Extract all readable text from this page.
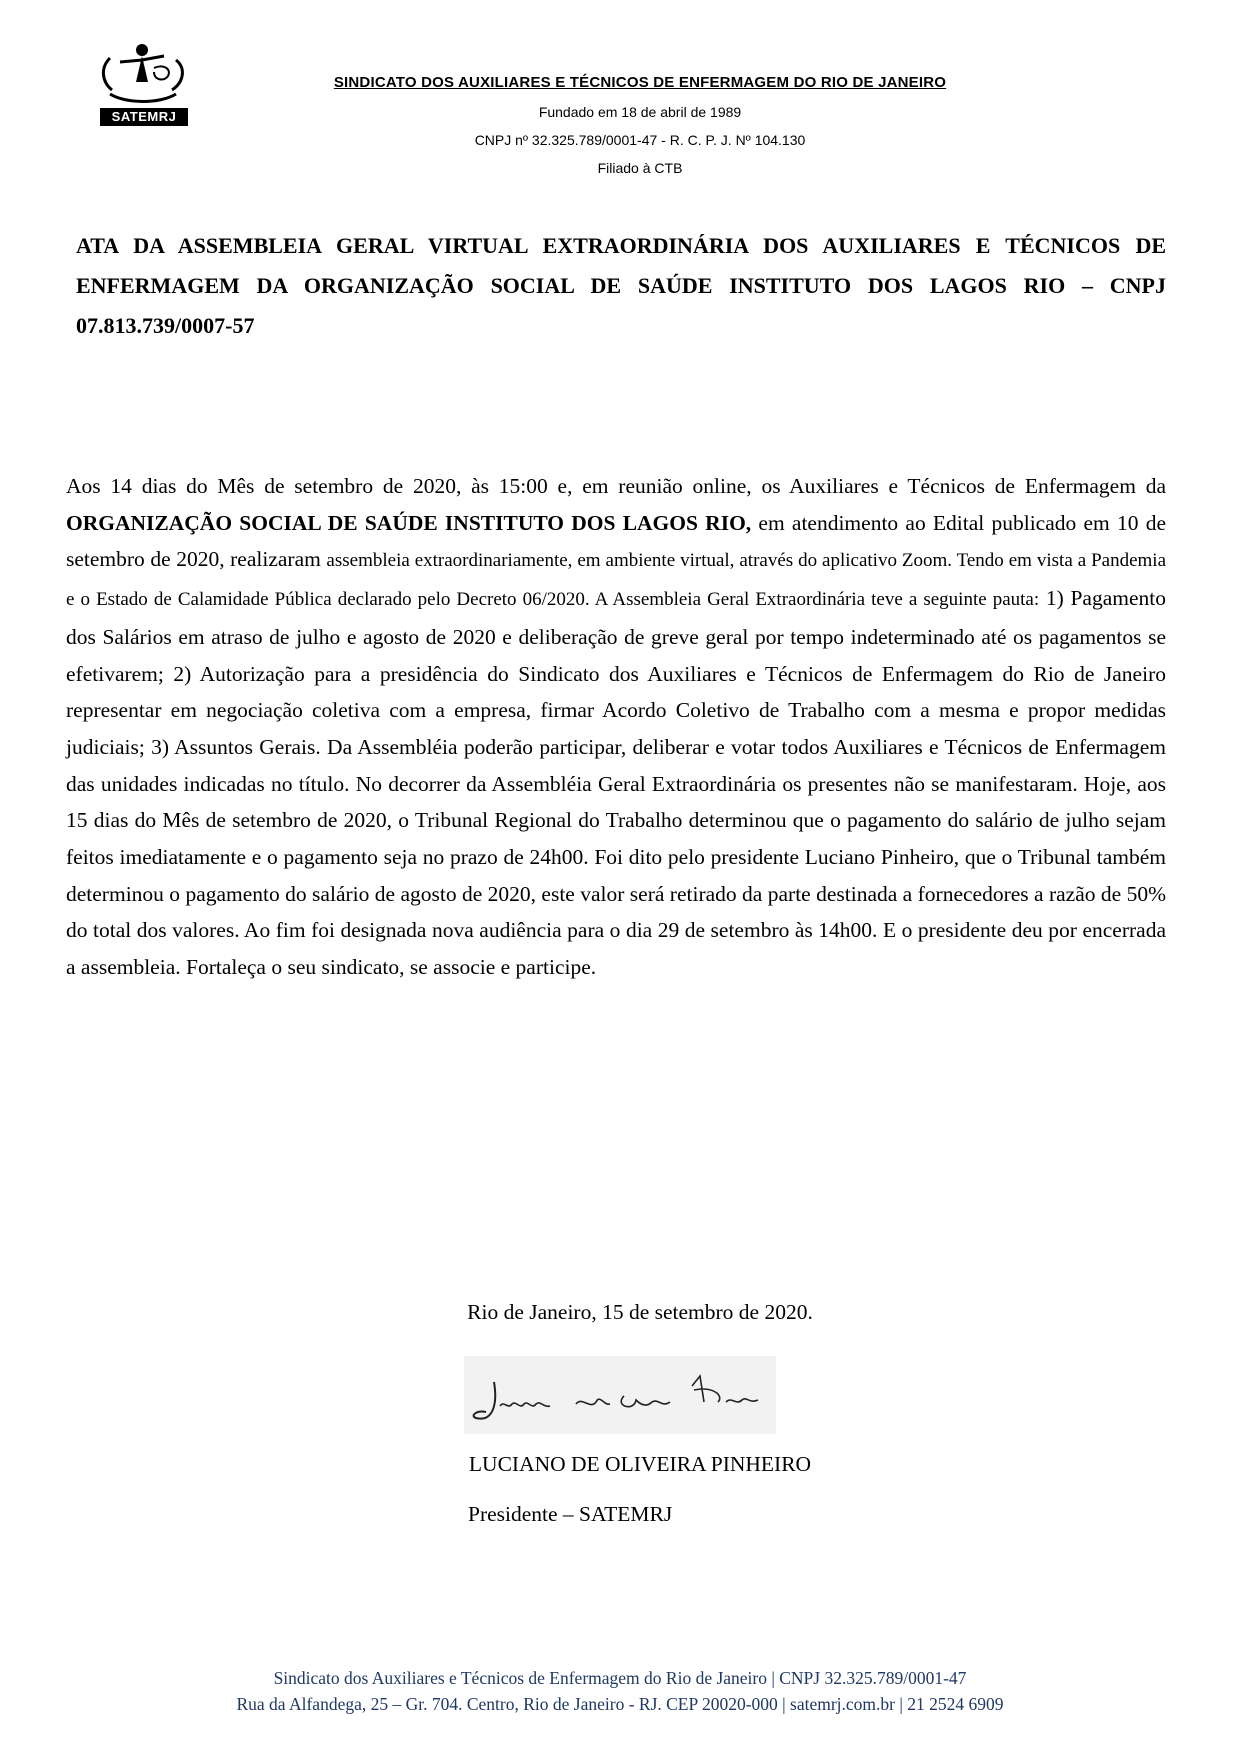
SATEMRJ
SINDICATO DOS AUXILIARES E TÉCNICOS DE ENFERMAGEM DO RIO DE JANEIRO
Fundado em 18 de abril de 1989
CNPJ nº 32.325.789/0001-47 - R. C. P. J. Nº 104.130
Filiado à CTB

ATA DA ASSEMBLEIA GERAL VIRTUAL EXTRAORDINÁRIA DOS AUXILIARES E TÉCNICOS DE ENFERMAGEM DA ORGANIZAÇÃO SOCIAL DE SAÚDE INSTITUTO DOS LAGOS RIO – CNPJ 07.813.739/0007-57

Aos 14 dias do Mês de setembro de 2020, às 15:00 e, em reunião online, os Auxiliares e Técnicos de Enfermagem da ORGANIZAÇÃO SOCIAL DE SAÚDE INSTITUTO DOS LAGOS RIO, em atendimento ao Edital publicado em 10 de setembro de 2020, realizaram assembleia extraordinariamente, em ambiente virtual, através do aplicativo Zoom. Tendo em vista a Pandemia e o Estado de Calamidade Pública declarado pelo Decreto 06/2020. A Assembleia Geral Extraordinária teve a seguinte pauta: 1) Pagamento dos Salários em atraso de julho e agosto de 2020 e deliberação de greve geral por tempo indeterminado até os pagamentos se efetivarem; 2) Autorização para a presidência do Sindicato dos Auxiliares e Técnicos de Enfermagem do Rio de Janeiro representar em negociação coletiva com a empresa, firmar Acordo Coletivo de Trabalho com a mesma e propor medidas judiciais; 3) Assuntos Gerais. Da Assembléia poderão participar, deliberar e votar todos Auxiliares e Técnicos de Enfermagem das unidades indicadas no título. No decorrer da Assembléia Geral Extraordinária os presentes não se manifestaram. Hoje, aos 15 dias do Mês de setembro de 2020, o Tribunal Regional do Trabalho determinou que o pagamento do salário de julho sejam feitos imediatamente e o pagamento seja no prazo de 24h00. Foi dito pelo presidente Luciano Pinheiro, que o Tribunal também determinou o pagamento do salário de agosto de 2020, este valor será retirado da parte destinada a fornecedores a razão de 50% do total dos valores. Ao fim foi designada nova audiência para o dia 29 de setembro às 14h00. E o presidente deu por encerrada a assembleia. Fortaleça o seu sindicato, se associe e participe.

Rio de Janeiro, 15 de setembro de 2020.
LUCIANO DE OLIVEIRA PINHEIRO
Presidente – SATEMRJ
Sindicato dos Auxiliares e Técnicos de Enfermagem do Rio de Janeiro | CNPJ 32.325.789/0001-47
Rua da Alfandega, 25 – Gr. 704. Centro, Rio de Janeiro - RJ. CEP 20020-000 | satemrj.com.br | 21 2524 6909
